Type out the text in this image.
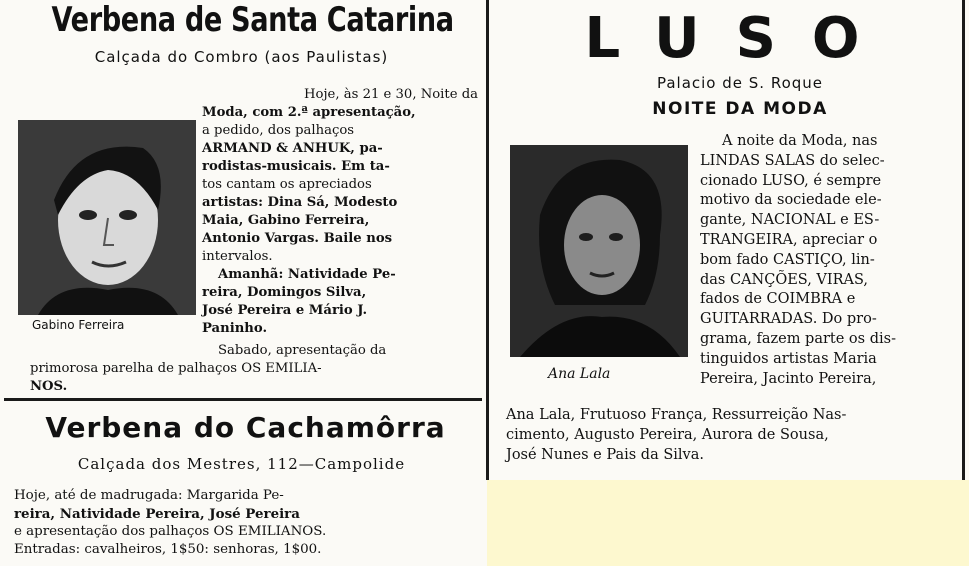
Verbena de Santa Catarina
Calçada do Combro (aos Paulistas)
Gabino Ferreira
Hoje, às 21 e 30, Noite da
Moda, com 2.ª apresentação,
a pedido, dos palhaços
ARMAND & ANHUK, pa-
rodistas-musicais. Em ta-
tos cantam os apreciados
artistas: Dina Sá, Modesto
Maia, Gabino Ferreira,
Antonio Vargas. Baile nos
intervalos.
Amanhã: Natividade Pe-
reira, Domingos Silva,
José Pereira e Mário J.
Paninho.
Sabado, apresentação da
primorosa parelha de palhaços OS EMILIA-
NOS.
Verbena do Cachamôrra
Calçada dos Mestres, 112—Campolide
Hoje, até de madrugada: Margarida Pe-
reira, Natividade Pereira, José Pereira
e apresentação dos palhaços OS EMILIANOS.
Entradas: cavalheiros, 1$50: senhoras, 1$00.
LUSO
Palacio de S. Roque
NOITE DA MODA
Ana Lala
A noite da Moda, nas
LINDAS SALAS do selec-
cionado LUSO, é sempre
motivo da sociedade ele-
gante, NACIONAL e ES-
TRANGEIRA, apreciar o
bom fado CASTIÇO, lin-
das CANÇÕES, VIRAS,
fados de COIMBRA e
GUITARRADAS. Do pro-
grama, fazem parte os dis-
tinguidos artistas Maria
Pereira, Jacinto Pereira,
Ana Lala, Frutuoso França, Ressurreição Nas-
cimento, Augusto Pereira, Aurora de Sousa,
José Nunes e Pais da Silva.
